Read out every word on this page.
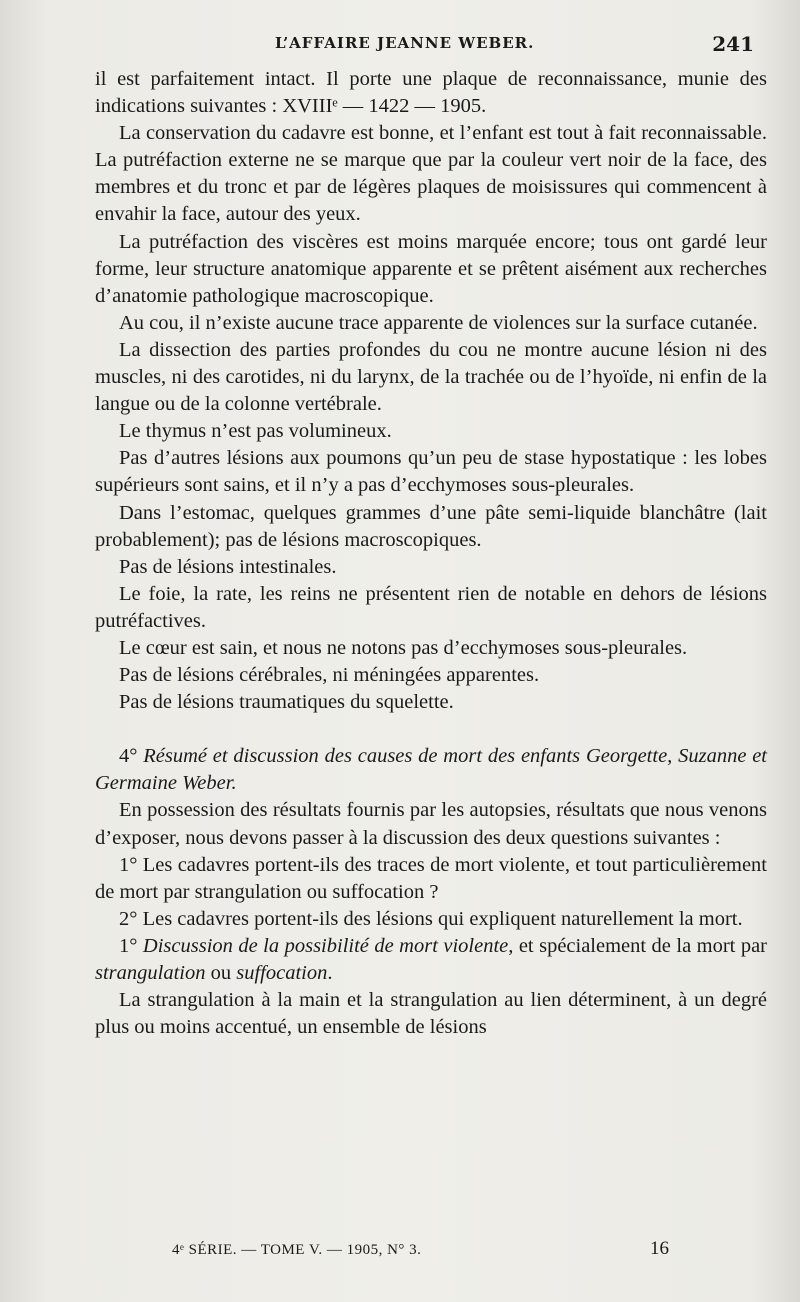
L’AFFAIRE JEANNE WEBER.	241

il est parfaitement intact. Il porte une plaque de reconnaissance, munie des indications suivantes : XVIIIᵉ — 1422 — 1905.

La conservation du cadavre est bonne, et l’enfant est tout à fait reconnaissable. La putréfaction externe ne se marque que par la couleur vert noir de la face, des membres et du tronc et par de légères plaques de moisissures qui commencent à envahir la face, autour des yeux.

La putréfaction des viscères est moins marquée encore; tous ont gardé leur forme, leur structure anatomique apparente et se prêtent aisément aux recherches d’anatomie pathologique macroscopique.

Au cou, il n’existe aucune trace apparente de violences sur la surface cutanée.

La dissection des parties profondes du cou ne montre aucune lésion ni des muscles, ni des carotides, ni du larynx, de la trachée ou de l’hyoïde, ni enfin de la langue ou de la colonne vertébrale.

Le thymus n’est pas volumineux.

Pas d’autres lésions aux poumons qu’un peu de stase hypostatique : les lobes supérieurs sont sains, et il n’y a pas d’ecchymoses sous-pleurales.

Dans l’estomac, quelques grammes d’une pâte semi-liquide blanchâtre (lait probablement); pas de lésions macroscopiques.

Pas de lésions intestinales.

Le foie, la rate, les reins ne présentent rien de notable en dehors de lésions putréfactives.

Le cœur est sain, et nous ne notons pas d’ecchymoses sous-pleurales.

Pas de lésions cérébrales, ni méningées apparentes.

Pas de lésions traumatiques du squelette.

4° Résumé et discussion des causes de mort des enfants Georgette, Suzanne et Germaine Weber.

En possession des résultats fournis par les autopsies, résultats que nous venons d’exposer, nous devons passer à la discussion des deux questions suivantes :

1° Les cadavres portent-ils des traces de mort violente, et tout particulièrement de mort par strangulation ou suffocation ?

2° Les cadavres portent-ils des lésions qui expliquent naturellement la mort.

1° Discussion de la possibilité de mort violente, et spécialement de la mort par strangulation ou suffocation.

La strangulation à la main et la strangulation au lien déterminent, à un degré plus ou moins accentué, un ensemble de lésions

4ᵉ SÉRIE. — TOME V. — 1905, N° 3.	16
